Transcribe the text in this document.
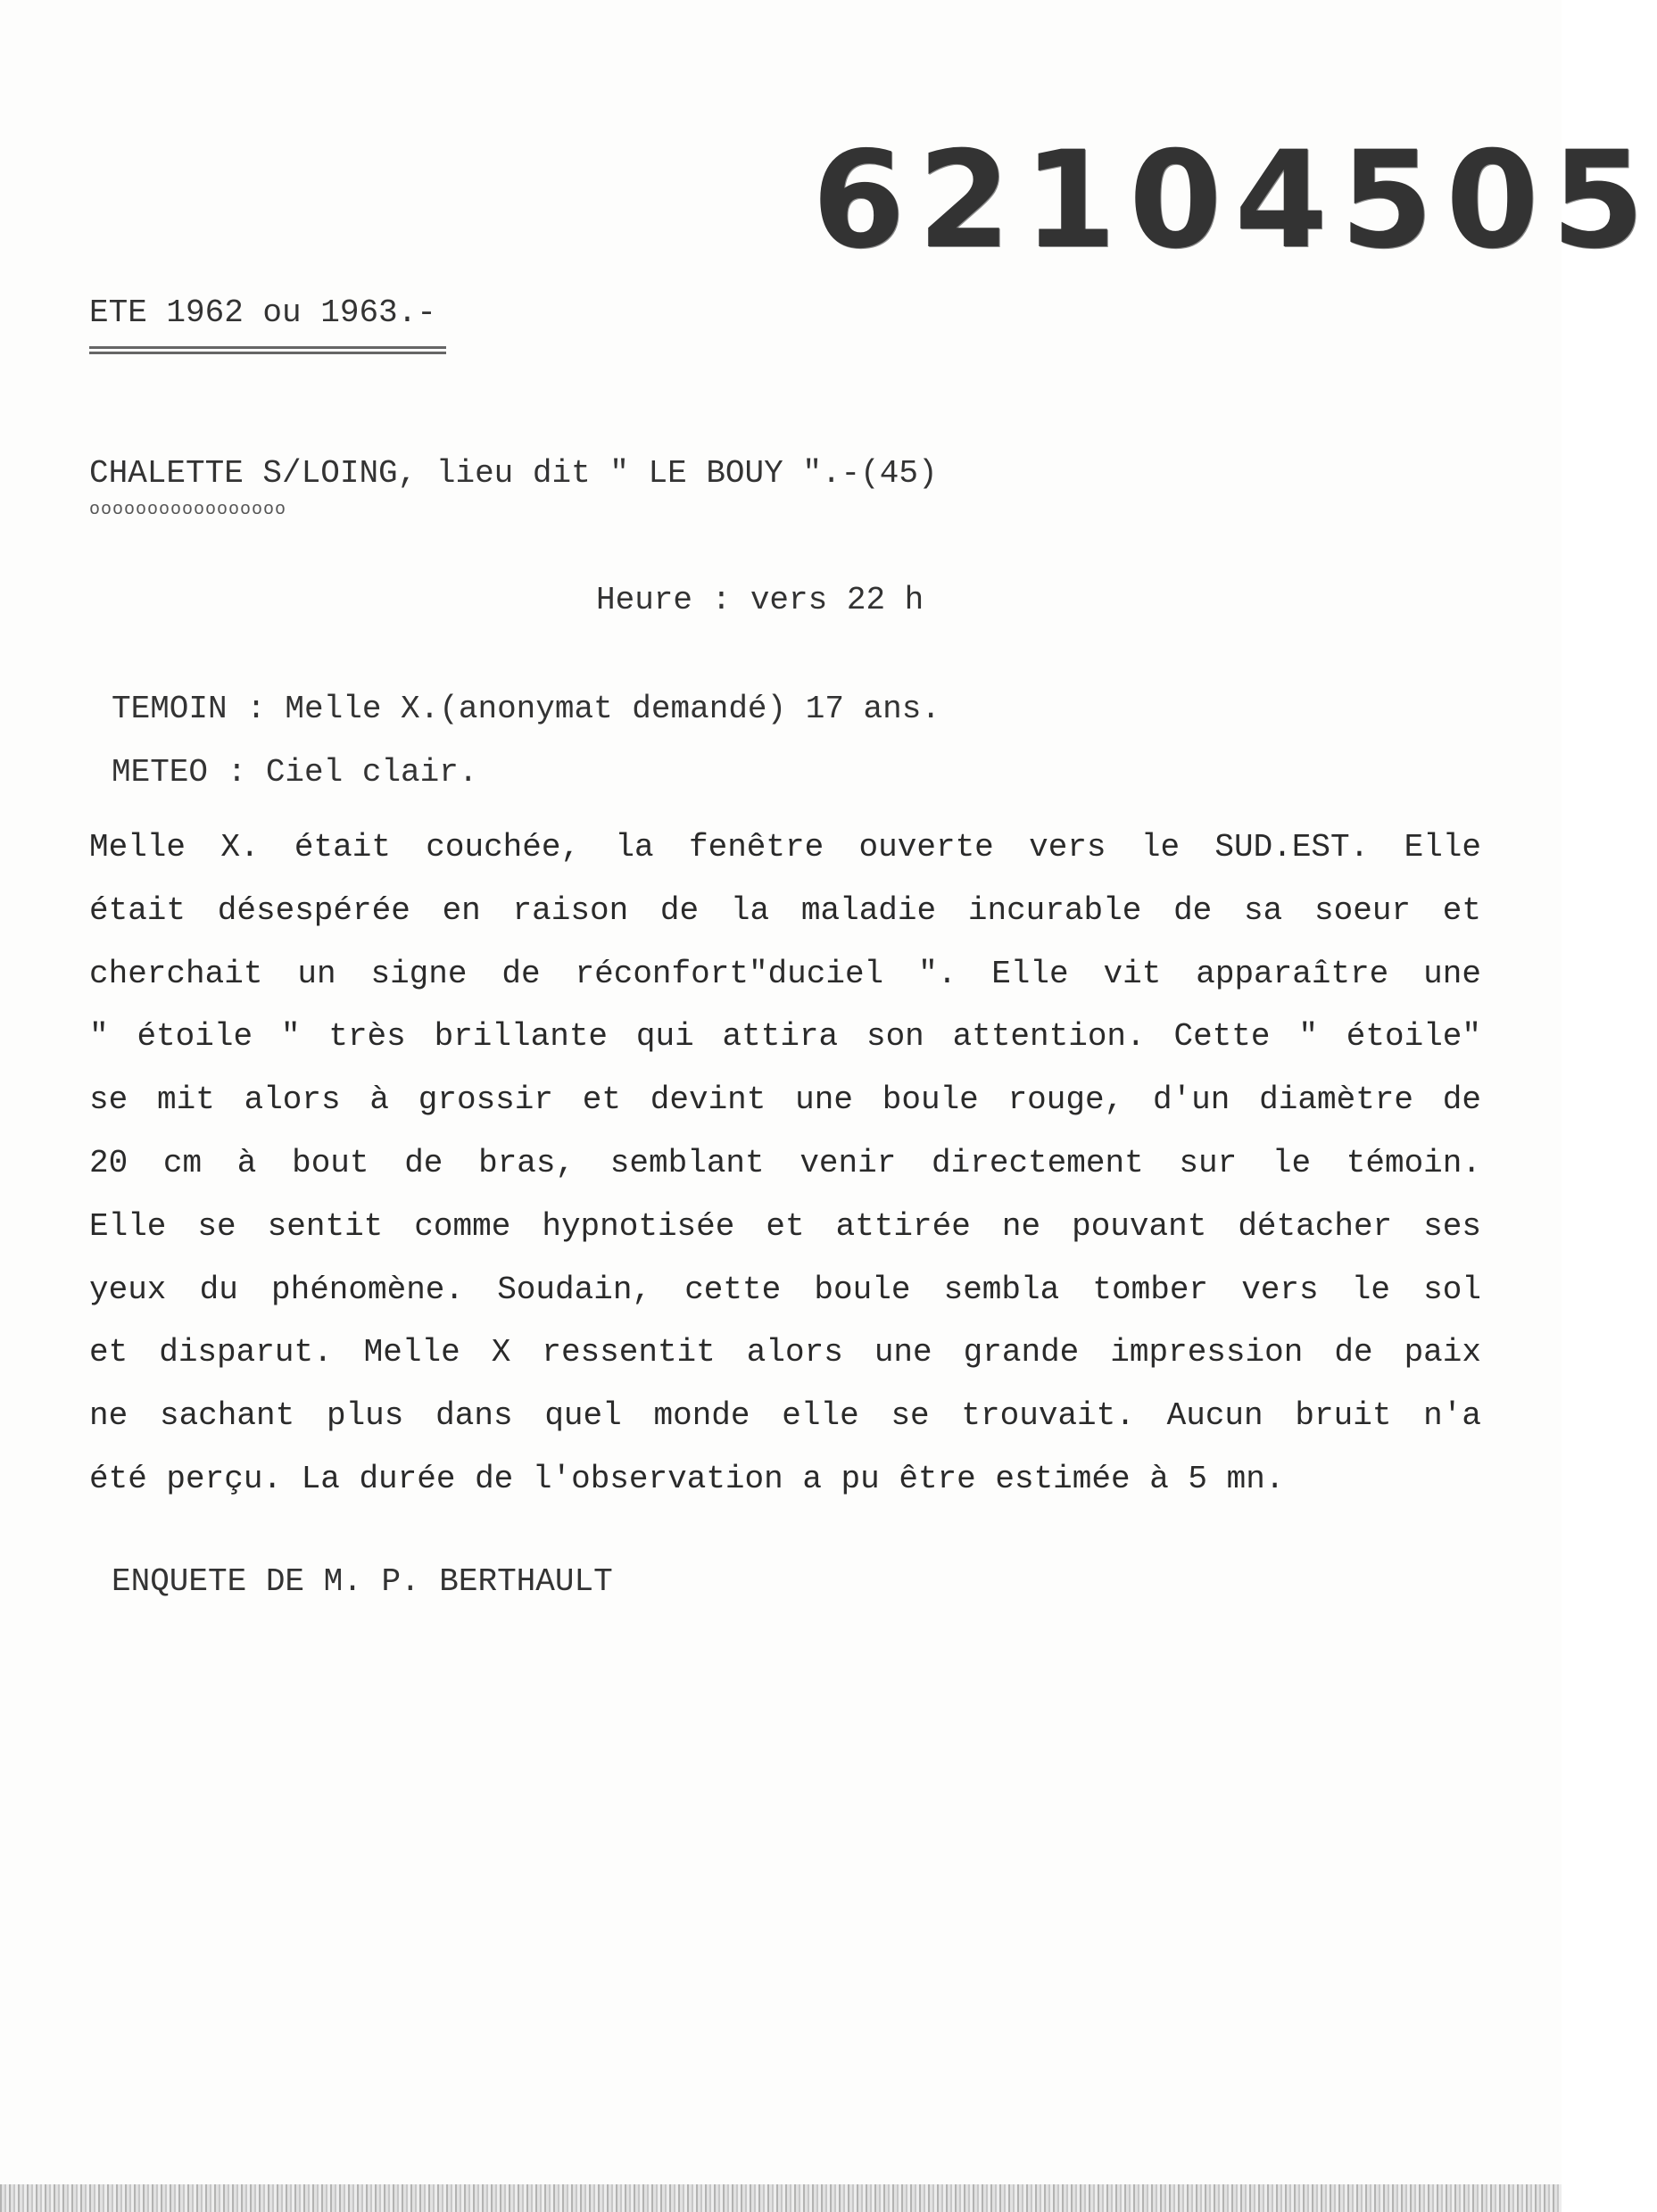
62104505
ETE 1962 ou 1963.-
CHALETTE S/LOING, lieu dit " LE BOUY ".-(45)
ooooooooooooooooo
Heure : vers 22 h
TEMOIN : Melle X.(anonymat demandé) 17 ans.
METEO : Ciel clair.
Melle X. était couchée, la fenêtre ouverte vers le SUD.EST. Elle
était désespérée en raison de la maladie incurable de sa soeur et
cherchait un signe de réconfort"duciel ". Elle vit apparaître une
" étoile " très brillante qui attira son attention. Cette " étoile"
se mit alors à grossir et devint une boule rouge, d'un diamètre de
20 cm à bout de bras, semblant venir directement sur le témoin.
Elle se sentit comme hypnotisée et attirée ne pouvant détacher ses
yeux du phénomène. Soudain, cette boule sembla tomber vers le sol
et disparut. Melle X ressentit alors une grande impression de paix
ne sachant plus dans quel monde elle se trouvait. Aucun bruit n'a
été perçu. La durée de l'observation a pu être estimée à 5 mn.
ENQUETE DE M. P. BERTHAULT
